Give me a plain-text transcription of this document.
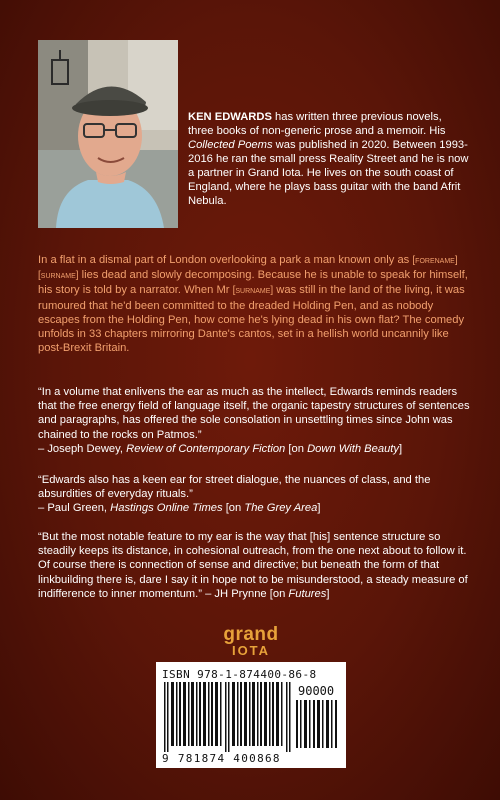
KEN EDWARDS has written three previous novels, three books of non-generic prose and a memoir. His Collected Poems was published in 2020. Between 1993-2016 he ran the small press Reality Street and he is now a partner in Grand Iota. He lives on the south coast of England, where he plays bass guitar with the band Afrit Nebula.
In a flat in a dismal part of London overlooking a park a man known only as [forename] [surname] lies dead and slowly decomposing. Because he is unable to speak for himself, his story is told by a narrator. When Mr [surname] was still in the land of the living, it was rumoured that he'd been committed to the dreaded Holding Pen, and as nobody escapes from the Holding Pen, how come he's lying dead in his own flat? The comedy unfolds in 33 chapters mirroring Dante's cantos, set in a hellish world uncannily like post-Brexit Britain.
“In a volume that enlivens the ear as much as the intellect, Edwards reminds readers that the free energy field of language itself, the organic tapestry structures of sentences and paragraphs, has offered the sole consolation in unsettling times since John was chained to the rocks on Patmos.”
– Joseph Dewey, Review of Contemporary Fiction [on Down With Beauty]
“Edwards also has a keen ear for street dialogue, the nuances of class, and the absurdities of everyday rituals.”
– Paul Green, Hastings Online Times [on The Grey Area]
“But the most notable feature to my ear is the way that [his] sentence structure so steadily keeps its distance, in cohesional outreach, from the one next about to follow it. Of course there is connection of sense and directive; but beneath the form of that linkbuilding there is, dare I say it in hope not to be misunderstood, a steady measure of indifference to inner momentum.” – JH Prynne [on Futures]
grand
IOTA
ISBN 978-1-874400-86-8
90000
9 781874 400868
